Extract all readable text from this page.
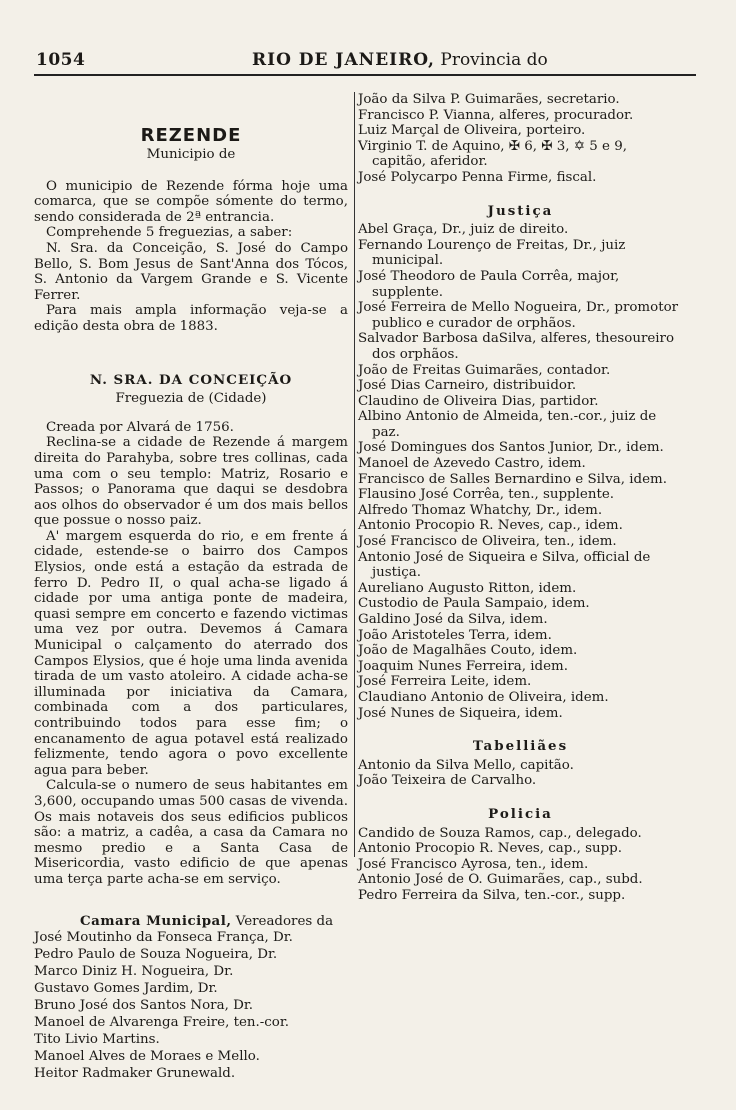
1054	RIO DE JANEIRO, Provincia do
REZENDE
Municipio de

O municipio de Rezende fórma hoje uma comarca, que se compõe sómente do termo, sendo considerada de 2ª entrancia.

Comprehende 5 freguezias, a saber:

N. Sra. da Conceição, S. José do Campo Bello, S. Bom Jesus de Sant'Anna dos Tócos, S. Antonio da Vargem Grande e S. Vicente Ferrer.

Para mais ampla informação veja-se a edição desta obra de 1883.

N. SRA. DA CONCEIÇÃO
Freguezia de (Cidade)

Creada por Alvará de 1756.

Reclina-se a cidade de Rezende á margem direita do Parahyba, sobre tres collinas, cada uma com o seu templo: Matriz, Rosario e Passos; o Panorama que daqui se desdobra aos olhos do observador é um dos mais bellos que possue o nosso paiz.

A' margem esquerda do rio, e em frente á cidade, estende-se o bairro dos Campos Elysios, onde está a estação da estrada de ferro D. Pedro II, o qual acha-se ligado á cidade por uma antiga ponte de madeira, quasi sempre em concerto e fazendo victimas uma vez por outra. Devemos á Camara Municipal o calçamento do aterrado dos Campos Elysios, que é hoje uma linda avenida tirada de um vasto atoleiro. A cidade acha-se illuminada por iniciativa da Camara, combinada com a dos particulares, contribuindo todos para esse fim; o encanamento de agua potavel está realizado felizmente, tendo agora o povo excellente agua para beber.

Calcula-se o numero de seus habitantes em 3,600, occupando umas 500 casas de vivenda. Os mais notaveis dos seus edificios publicos são: a matriz, a cadêa, a casa da Camara no mesmo predio e a Santa Casa de Misericordia, vasto edificio de que apenas uma terça parte acha-se em serviço.

Camara Municipal, Vereadores da
José Moutinho da Fonseca França, Dr.
Pedro Paulo de Souza Nogueira, Dr.
Marco Diniz H. Nogueira, Dr.
Gustavo Gomes Jardim, Dr.
Bruno José dos Santos Nora, Dr.
Manoel de Alvarenga Freire, ten.-cor.
Tito Livio Martins.
Manoel Alves de Moraes e Mello.
Heitor Radmaker Grunewald.
João da Silva P. Guimarães, secretario.
Francisco P. Vianna, alferes, procurador.
Luiz Marçal de Oliveira, porteiro.
Virginio T. de Aquino, ✠ 6, ✠ 3, ✡ 5 e 9, capitão, aferidor.
José Polycarpo Penna Firme, fiscal.
Justiça
Abel Graça, Dr., juiz de direito.
Fernando Lourenço de Freitas, Dr., juiz municipal.
José Theodoro de Paula Corrêa, major, supplente.
José Ferreira de Mello Nogueira, Dr., promotor publico e curador de orphãos.
Salvador Barbosa daSilva, alferes, thesoureiro dos orphãos.
João de Freitas Guimarães, contador.
José Dias Carneiro, distribuidor.
Claudino de Oliveira Dias, partidor.
Albino Antonio de Almeida, ten.-cor., juiz de paz.
José Domingues dos Santos Junior, Dr., idem.
Manoel de Azevedo Castro, idem.
Francisco de Salles Bernardino e Silva, idem.
Flausino José Corrêa, ten., supplente.
Alfredo Thomaz Whatchy, Dr., idem.
Antonio Procopio R. Neves, cap., idem.
José Francisco de Oliveira, ten., idem.
Antonio José de Siqueira e Silva, official de justiça.
Aureliano Augusto Ritton, idem.
Custodio de Paula Sampaio, idem.
Galdino José da Silva, idem.
João Aristoteles Terra, idem.
João de Magalhães Couto, idem.
Joaquim Nunes Ferreira, idem.
José Ferreira Leite, idem.
Claudiano Antonio de Oliveira, idem.
José Nunes de Siqueira, idem.
Tabelliães
Antonio da Silva Mello, capitão.
João Teixeira de Carvalho.
Policia
Candido de Souza Ramos, cap., delegado.
Antonio Procopio R. Neves, cap., supp.
José Francisco Ayrosa, ten., idem.
Antonio José de O. Guimarães, cap., subd.
Pedro Ferreira da Silva, ten.-cor., supp.
